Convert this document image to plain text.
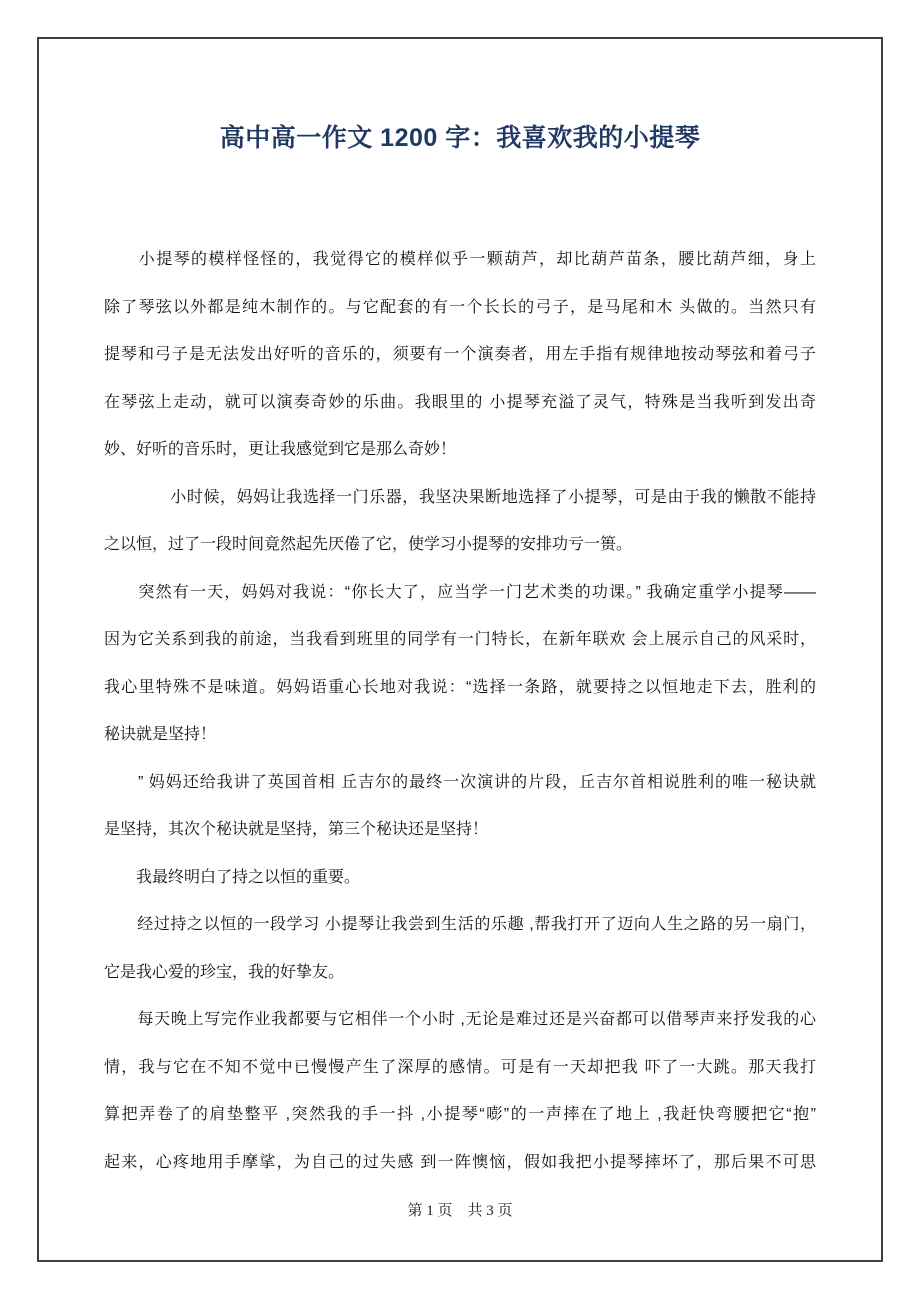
高中高一作文 1200 字：我喜欢我的小提琴
　　小提琴的模样怪怪的，我觉得它的模样似乎一颗葫芦，却比葫芦苗条，腰比葫芦细，身上
除了琴弦以外都是纯木制作的。与它配套的有一个长长的弓子，是马尾和木 头做的。当然只有
提琴和弓子是无法发出好听的音乐的，须要有一个演奏者，用左手指有规律地按动琴弦和着弓子
在琴弦上走动，就可以演奏奇妙的乐曲。我眼里的 小提琴充溢了灵气，特殊是当我听到发出奇
妙、好听的音乐时，更让我感觉到它是那么奇妙！
　　　　小时候，妈妈让我选择一门乐器，我坚决果断地选择了小提琴，可是由于我的懒散不能持
之以恒，过了一段时间竟然起先厌倦了它，使学习小提琴的安排功亏一篑。
　　突然有一天，妈妈对我说：“你长大了，应当学一门艺术类的功课。” 我确定重学小提琴——
因为它关系到我的前途，当我看到班里的同学有一门特长，在新年联欢 会上展示自己的风采时，
我心里特殊不是味道。妈妈语重心长地对我说：“选择一条路，就要持之以恒地走下去，胜利的
秘诀就是坚持！
　　” 妈妈还给我讲了英国首相 丘吉尔的最终一次演讲的片段，丘吉尔首相说胜利的唯一秘诀就
是坚持，其次个秘诀就是坚持，第三个秘诀还是坚持！
　　我最终明白了持之以恒的重要。
　　经过持之以恒的一段学习 小提琴让我尝到生活的乐趣 ,帮我打开了迈向人生之路的另一扇门，
它是我心爱的珍宝，我的好挚友。
　　每天晚上写完作业我都要与它相伴一个小时 ,无论是难过还是兴奋都可以借琴声来抒发我的心
情，我与它在不知不觉中已慢慢产生了深厚的感情。可是有一天却把我 吓了一大跳。那天我打
算把弄卷了的肩垫整平 ,突然我的手一抖 ,小提琴“嘭”的一声摔在了地上 ,我赶快弯腰把它“抱”
起来，心疼地用手摩挲，为自己的过失感 到一阵懊恼，假如我把小提琴摔坏了，那后果不可思
第 1 页　共 3 页
